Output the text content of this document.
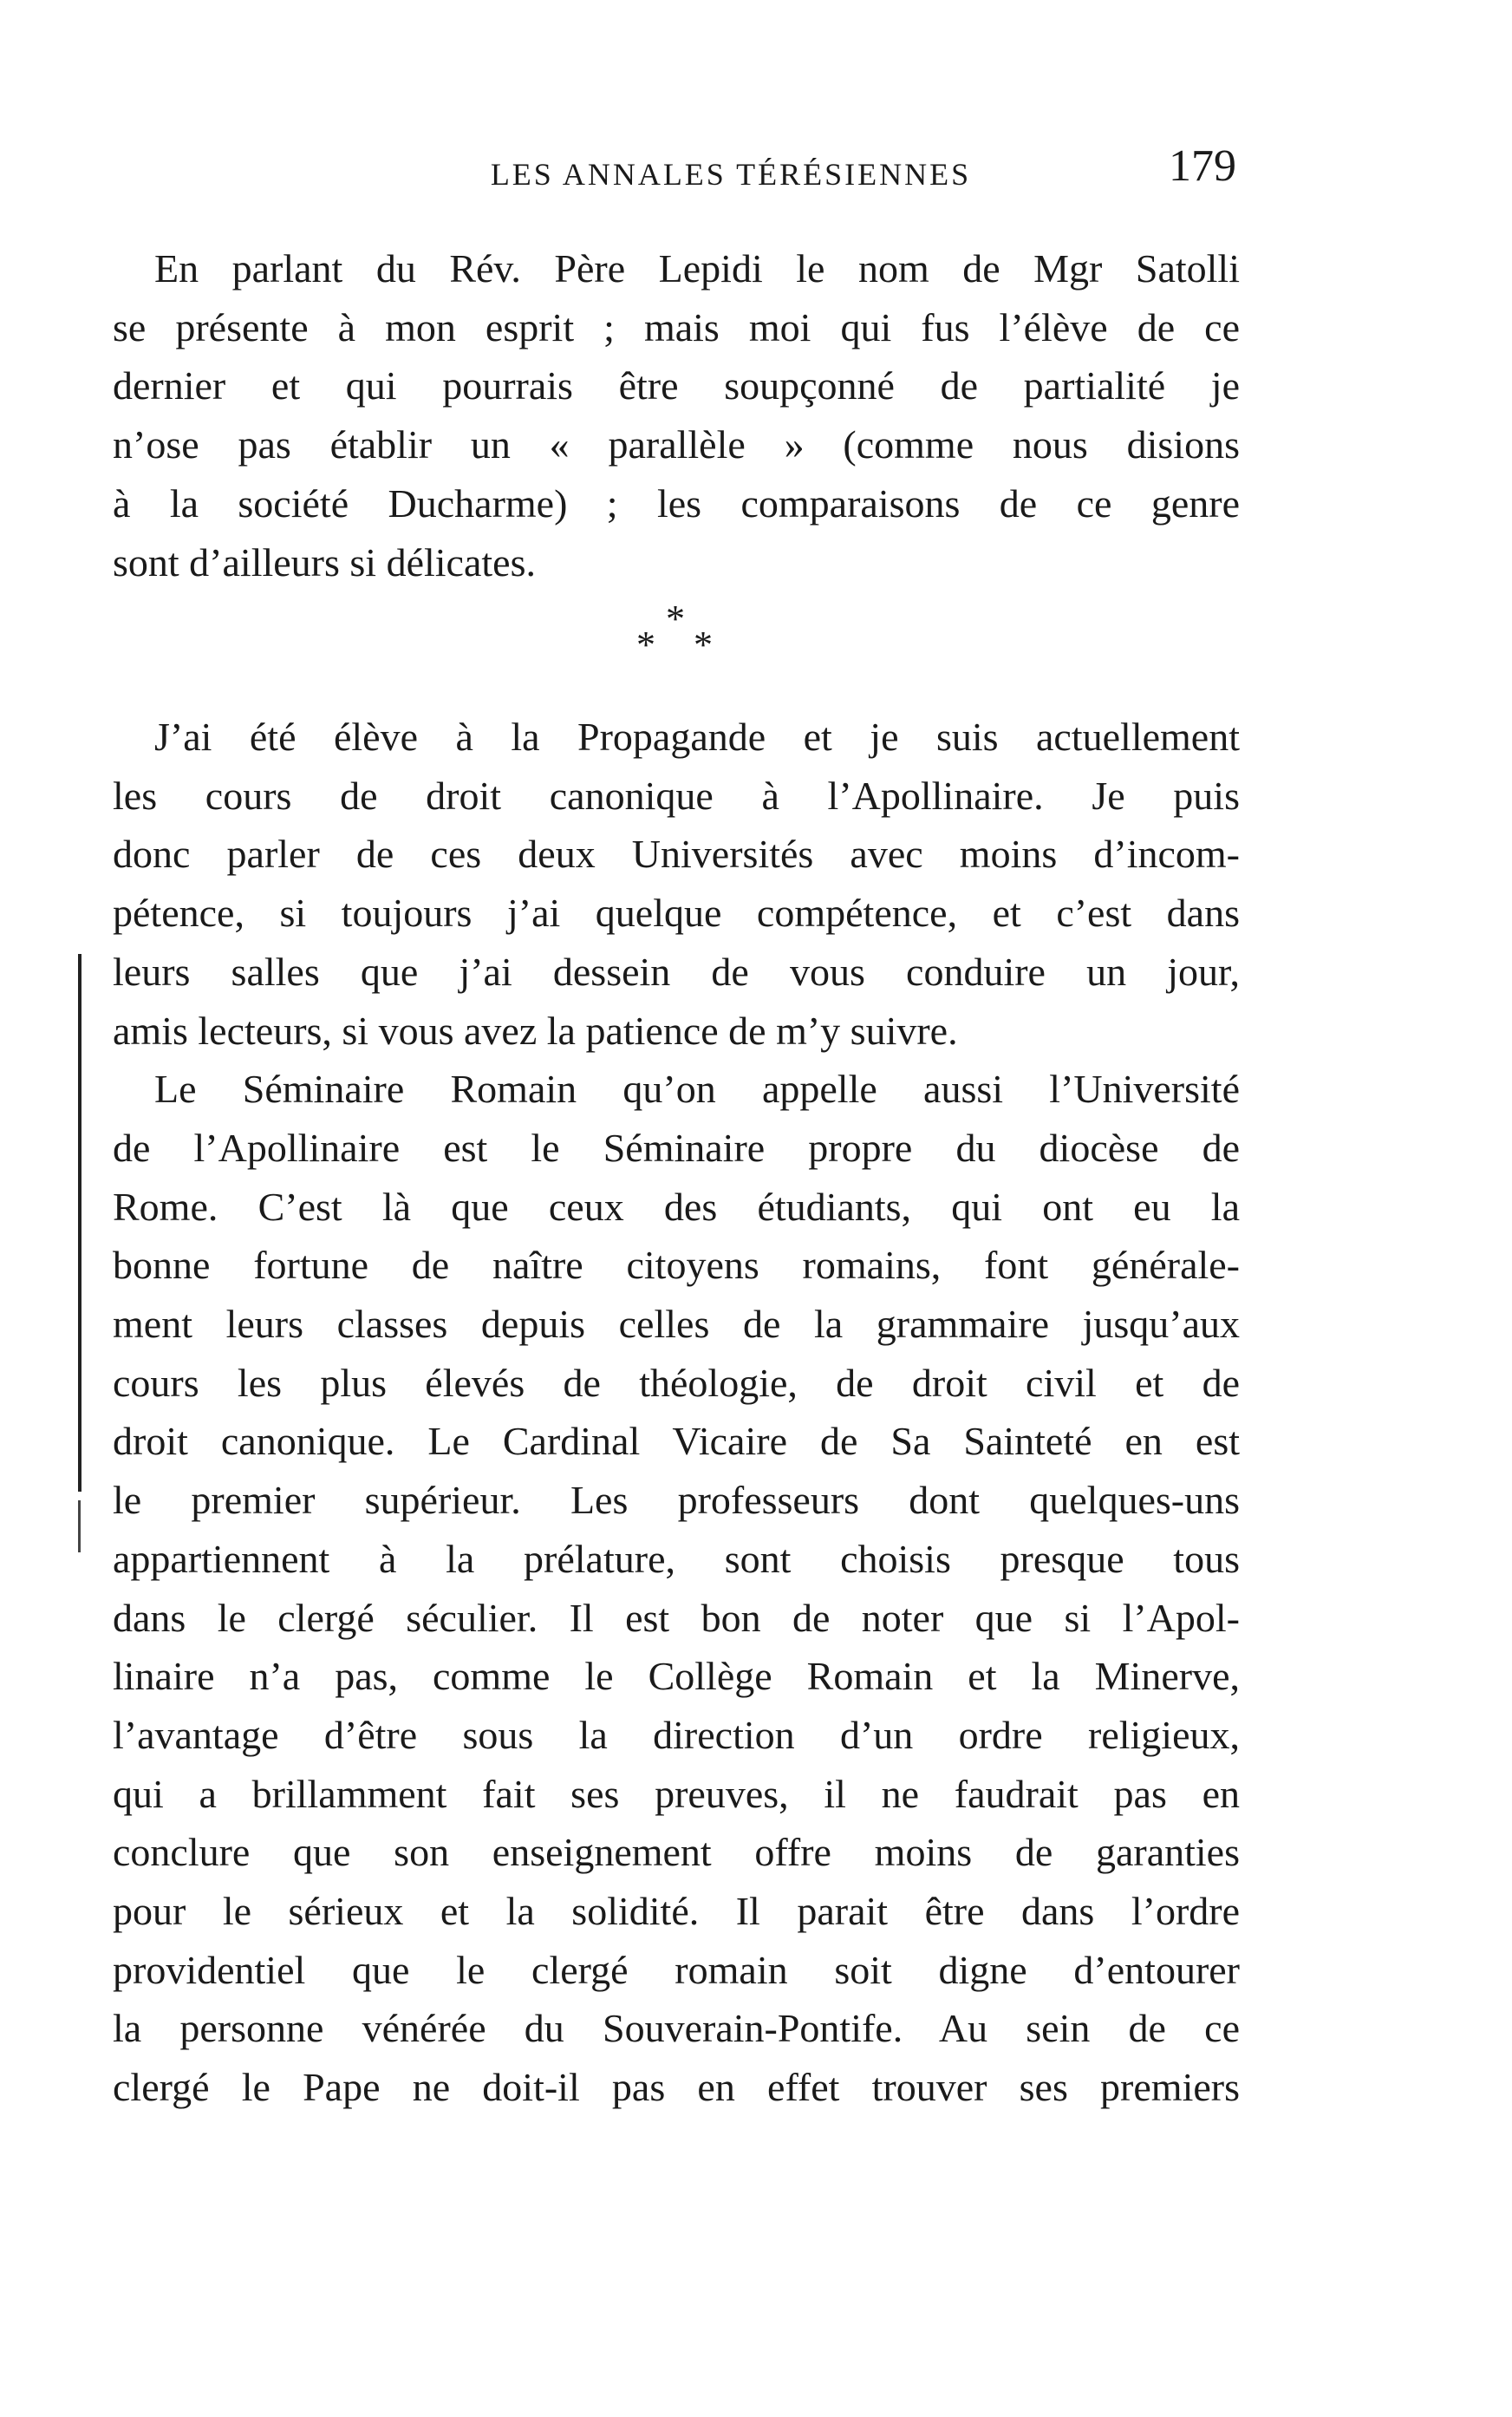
LES ANNALES TÉRÉSIENNES	179
En parlant du Rév. Père Lepidi le nom de Mgr Satolli
se présente à mon esprit ; mais moi qui fus l’élève de ce
dernier et qui pourrais être soupçonné de partialité je
n’ose pas établir un « parallèle » (comme nous disions
à la société Ducharme) ; les comparaisons de ce genre
sont d’ailleurs si délicates.
*
* *
J’ai été élève à la Propagande et je suis actuellement
les cours de droit canonique à l’Apollinaire. Je puis
donc parler de ces deux Universités avec moins d’incom-
pétence, si toujours j’ai quelque compétence, et c’est dans
leurs salles que j’ai dessein de vous conduire un jour,
amis lecteurs, si vous avez la patience de m’y suivre.
Le Séminaire Romain qu’on appelle aussi l’Université
de l’Apollinaire est le Séminaire propre du diocèse de
Rome. C’est là que ceux des étudiants, qui ont eu la
bonne fortune de naître citoyens romains, font générale-
ment leurs classes depuis celles de la grammaire jusqu’aux
cours les plus élevés de théologie, de droit civil et de
droit canonique. Le Cardinal Vicaire de Sa Sainteté en est
le premier supérieur. Les professeurs dont quelques-uns
appartiennent à la prélature, sont choisis presque tous
dans le clergé séculier. Il est bon de noter que si l’Apol-
linaire n’a pas, comme le Collège Romain et la Minerve,
l’avantage d’être sous la direction d’un ordre religieux,
qui a brillamment fait ses preuves, il ne faudrait pas en
conclure que son enseignement offre moins de garanties
pour le sérieux et la solidité. Il parait être dans l’ordre
providentiel que le clergé romain soit digne d’entourer
la personne vénérée du Souverain-Pontife. Au sein de ce
clergé le Pape ne doit-il pas en effet trouver ses premiers
